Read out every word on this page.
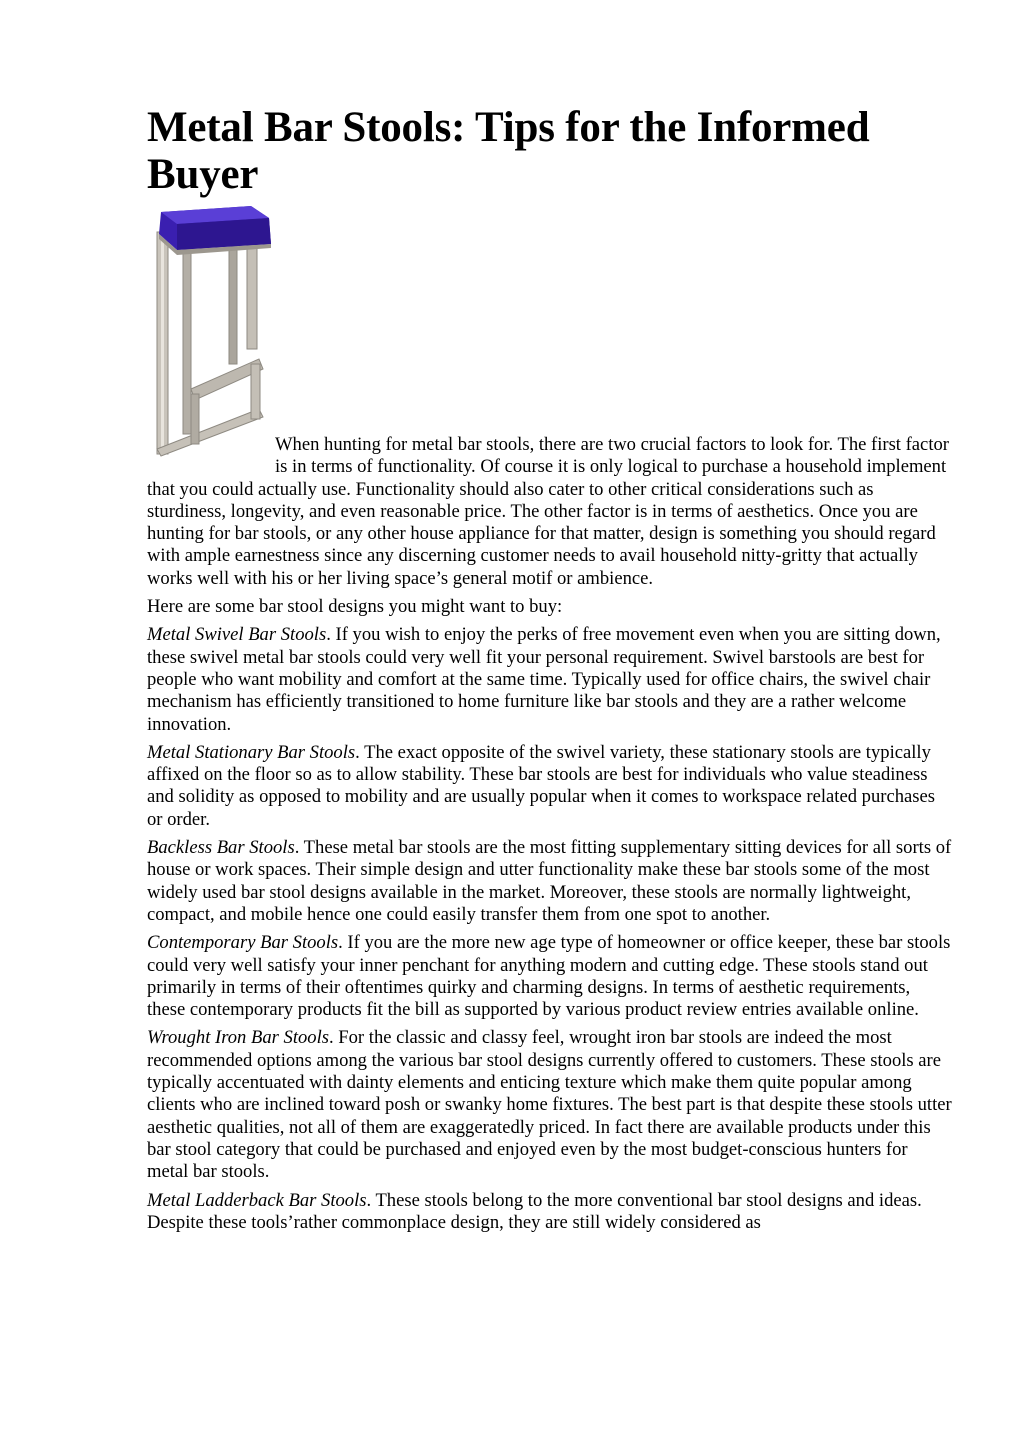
Metal Bar Stools: Tips for the Informed Buyer

When hunting for metal bar stools, there are two crucial factors to look for. The first factor is in terms of functionality. Of course it is only logical to purchase a household implement that you could actually use. Functionality should also cater to other critical considerations such as sturdiness, longevity, and even reasonable price. The other factor is in terms of aesthetics. Once you are hunting for bar stools, or any other house appliance for that matter, design is something you should regard with ample earnestness since any discerning customer needs to avail household nitty-gritty that actually works well with his or her living space’s general motif or ambience.

Here are some bar stool designs you might want to buy:

Metal Swivel Bar Stools. If you wish to enjoy the perks of free movement even when you are sitting down, these swivel metal bar stools could very well fit your personal requirement. Swivel barstools are best for people who want mobility and comfort at the same time. Typically used for office chairs, the swivel chair mechanism has efficiently transitioned to home furniture like bar stools and they are a rather welcome innovation.

Metal Stationary Bar Stools. The exact opposite of the swivel variety, these stationary stools are typically affixed on the floor so as to allow stability. These bar stools are best for individuals who value steadiness and solidity as opposed to mobility and are usually popular when it comes to workspace related purchases or order.

Backless Bar Stools. These metal bar stools are the most fitting supplementary sitting devices for all sorts of house or work spaces. Their simple design and utter functionality make these bar stools some of the most widely used bar stool designs available in the market. Moreover, these stools are normally lightweight, compact, and mobile hence one could easily transfer them from one spot to another.

Contemporary Bar Stools. If you are the more new age type of homeowner or office keeper, these bar stools could very well satisfy your inner penchant for anything modern and cutting edge. These stools stand out primarily in terms of their oftentimes quirky and charming designs. In terms of aesthetic requirements, these contemporary products fit the bill as supported by various product review entries available online.

Wrought Iron Bar Stools. For the classic and classy feel, wrought iron bar stools are indeed the most recommended options among the various bar stool designs currently offered to customers. These stools are typically accentuated with dainty elements and enticing texture which make them quite popular among clients who are inclined toward posh or swanky home fixtures. The best part is that despite these stools utter aesthetic qualities, not all of them are exaggeratedly priced. In fact there are available products under this bar stool category that could be purchased and enjoyed even by the most budget-conscious hunters for metal bar stools.

Metal Ladderback Bar Stools. These stools belong to the more conventional bar stool designs and ideas. Despite these tools’rather commonplace design, they are still widely considered as
